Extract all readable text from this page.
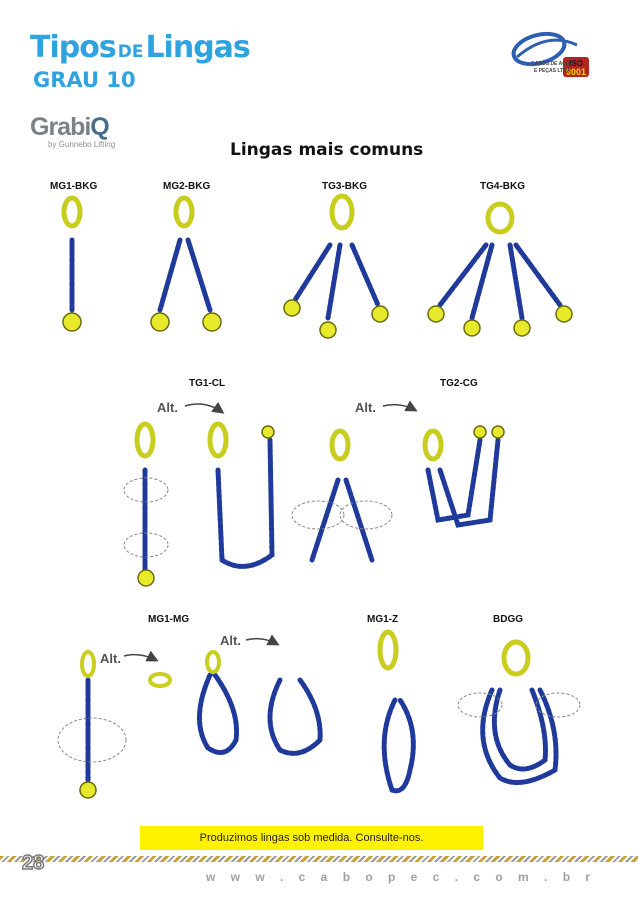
Tipos DELingas
GRAU 10
GrabiQ
by Gunnebo Lifting
ISO
9001
CABOS DE AÇO
E PEÇAS LTDA.
Lingas mais comuns
MG1-BKG	MG2-BKG	TG3-BKG	TG4-BKG
TG1-CL	TG2-CG
MG1-MG	MG1-Z	BDGG
Alt.	Alt.
Alt.
Alt.
Produzimos lingas sob medida. Consulte-nos.
28
w w w . c a b o p e c . c o m . b r
